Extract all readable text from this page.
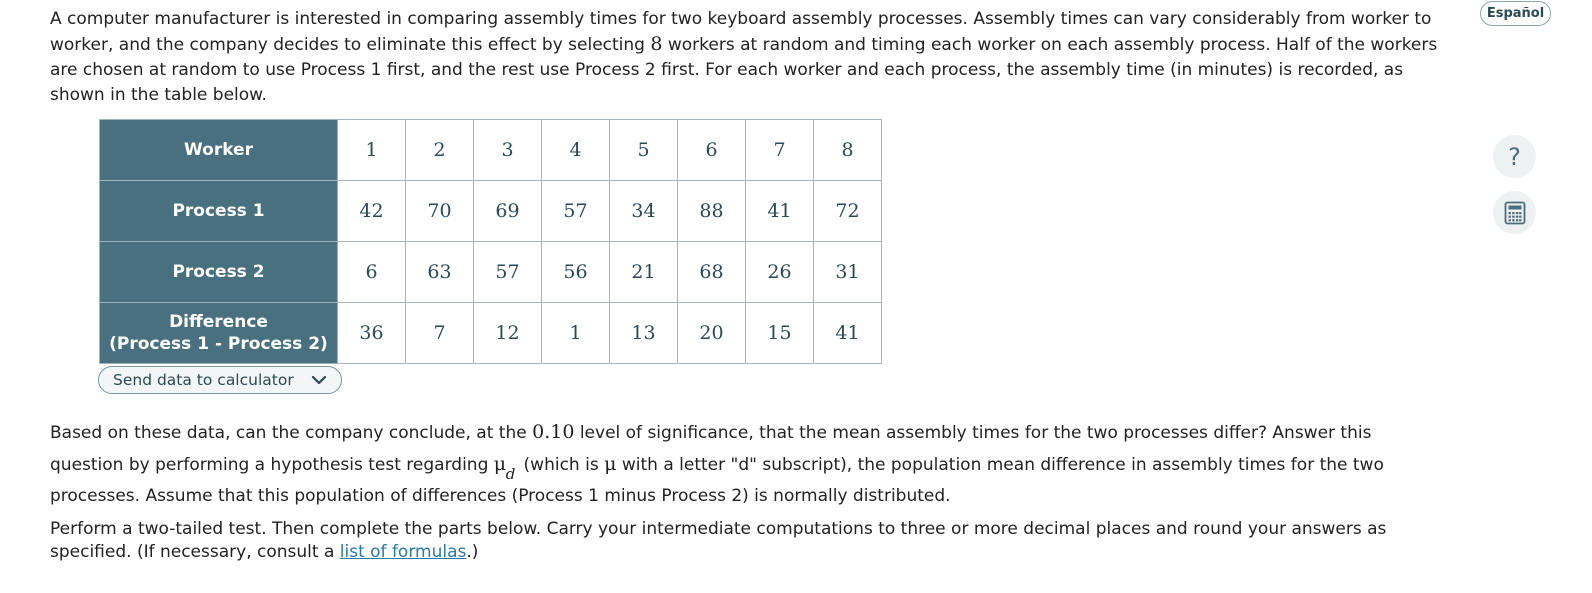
A computer manufacturer is interested in comparing assembly times for two keyboard assembly processes. Assembly times can vary considerably from worker to worker, and the company decides to eliminate this effect by selecting 8 workers at random and timing each worker on each assembly process. Half of the workers are chosen at random to use Process 1 first, and the rest use Process 2 first. For each worker and each process, the assembly time (in minutes) is recorded, as shown in the table below.

Worker	1	2	3	4	5	6	7	8
Process 1	42	70	69	57	34	88	41	72
Process 2	6	63	57	56	21	68	26	31
Difference
(Process 1 - Process 2)	36	7	12	1	13	20	15	41
Send data to calculator

Based on these data, can the company conclude, at the 0.10 level of significance, that the mean assembly times for the two processes differ? Answer this question by performing a hypothesis test regarding μ d (which is μ with a letter "d" subscript), the population mean difference in assembly times for the two processes. Assume that this population of differences (Process 1 minus Process 2) is normally distributed.

Perform a two-tailed test. Then complete the parts below. Carry your intermediate computations to three or more decimal places and round your answers as specified. (If necessary, consult a list of formulas.)

Español
?
